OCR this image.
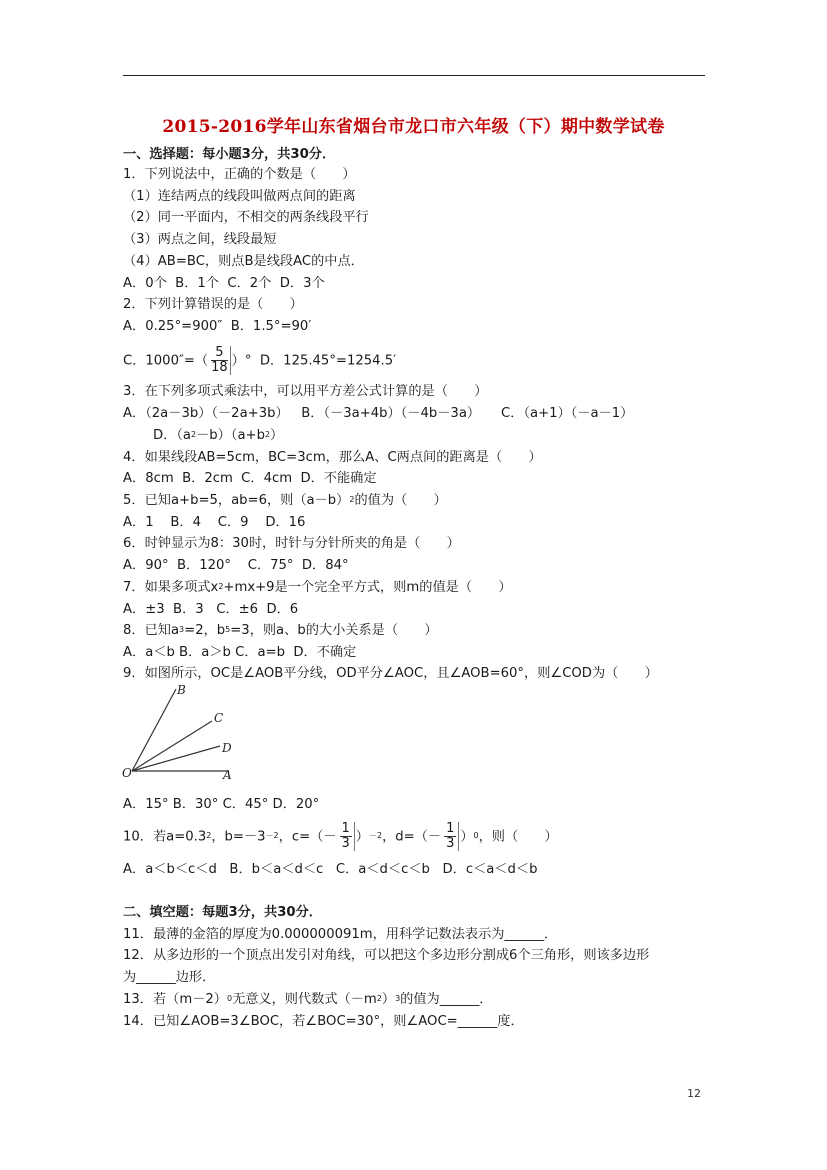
2015-2016学年山东省烟台市龙口市六年级（下）期中数学试卷
一、选择题：每小题3分，共30分．
1．下列说法中，正确的个数是（　　）
（1）连结两点的线段叫做两点间的距离
（2）同一平面内，不相交的两条线段平行
（3）两点之间，线段最短
（4）AB=BC，则点B是线段AC的中点．
A．0个  B．1个  C．2个  D．3个
2．下列计算错误的是（　　）
A．0.25°=900″  B．1.5°=90′
C．$1000''=( \frac{5}{18}$ ）°  D．125.45°=1254.5′
3．在下列多项式乘法中，可以用平方差公式计算的是（　　）
A．（2a－3b）（－2a+3b）   B．（－3a+4b）（－4b－3a）     C．（a+1）（－a－1）
D．$(a^2-b)(a+b^2)$
4．如果线段AB=5cm，BC=3cm，那么A、C两点间的距离是（　　）
A．8cm  B．2cm  C．4cm  D．不能确定
5．已知a+b=5，ab=6，则$(a-b)^2$的值为（　　）
A．1    B．4    C．9    D．16
6．时钟显示为8：30时，时针与分针所夹的角是（　　）
A．90°  B．120°    C．75°  D．84°
7．如果多项式$x^2+mx+9$是一个完全平方式，则m的值是（　　）
A．±3  B．3   C．±6  D．6
8．已知$a^3=2$，$b^5=3$，则a、b的大小关系是（　　）
A．a＜b B．a＞b C．a=b  D．不确定
9．如图所示，OC是∠AOB平分线，OD平分∠AOC，且∠AOB=60°，则∠COD为（　　）
B
C
D
O	A
A．15° B．30° C．45° D．20°
10．若$a=0.3^2$，$b=-3^{-2}$，$c=(- \frac{1}{3} )^{-2}$，$d=(- \frac{1}{3} )^0$，则（　　）
A．a＜b＜c＜d   B．b＜a＜d＜c   C．a＜d＜c＜b   D．c＜a＜d＜b
二、填空题：每题3分，共30分．
11．最薄的金箔的厚度为0.000000091m，用科学记数法表示为______．
12．从多边形的一个顶点出发引对角线，可以把这个多边形分割成6个三角形，则该多边形
为______边形．
13．若$(m-2)^0$无意义，则代数式$(-m^2)^3$的值为______．
14．已知∠AOB=3∠BOC，若∠BOC=30°，则∠AOC=______度．
12
